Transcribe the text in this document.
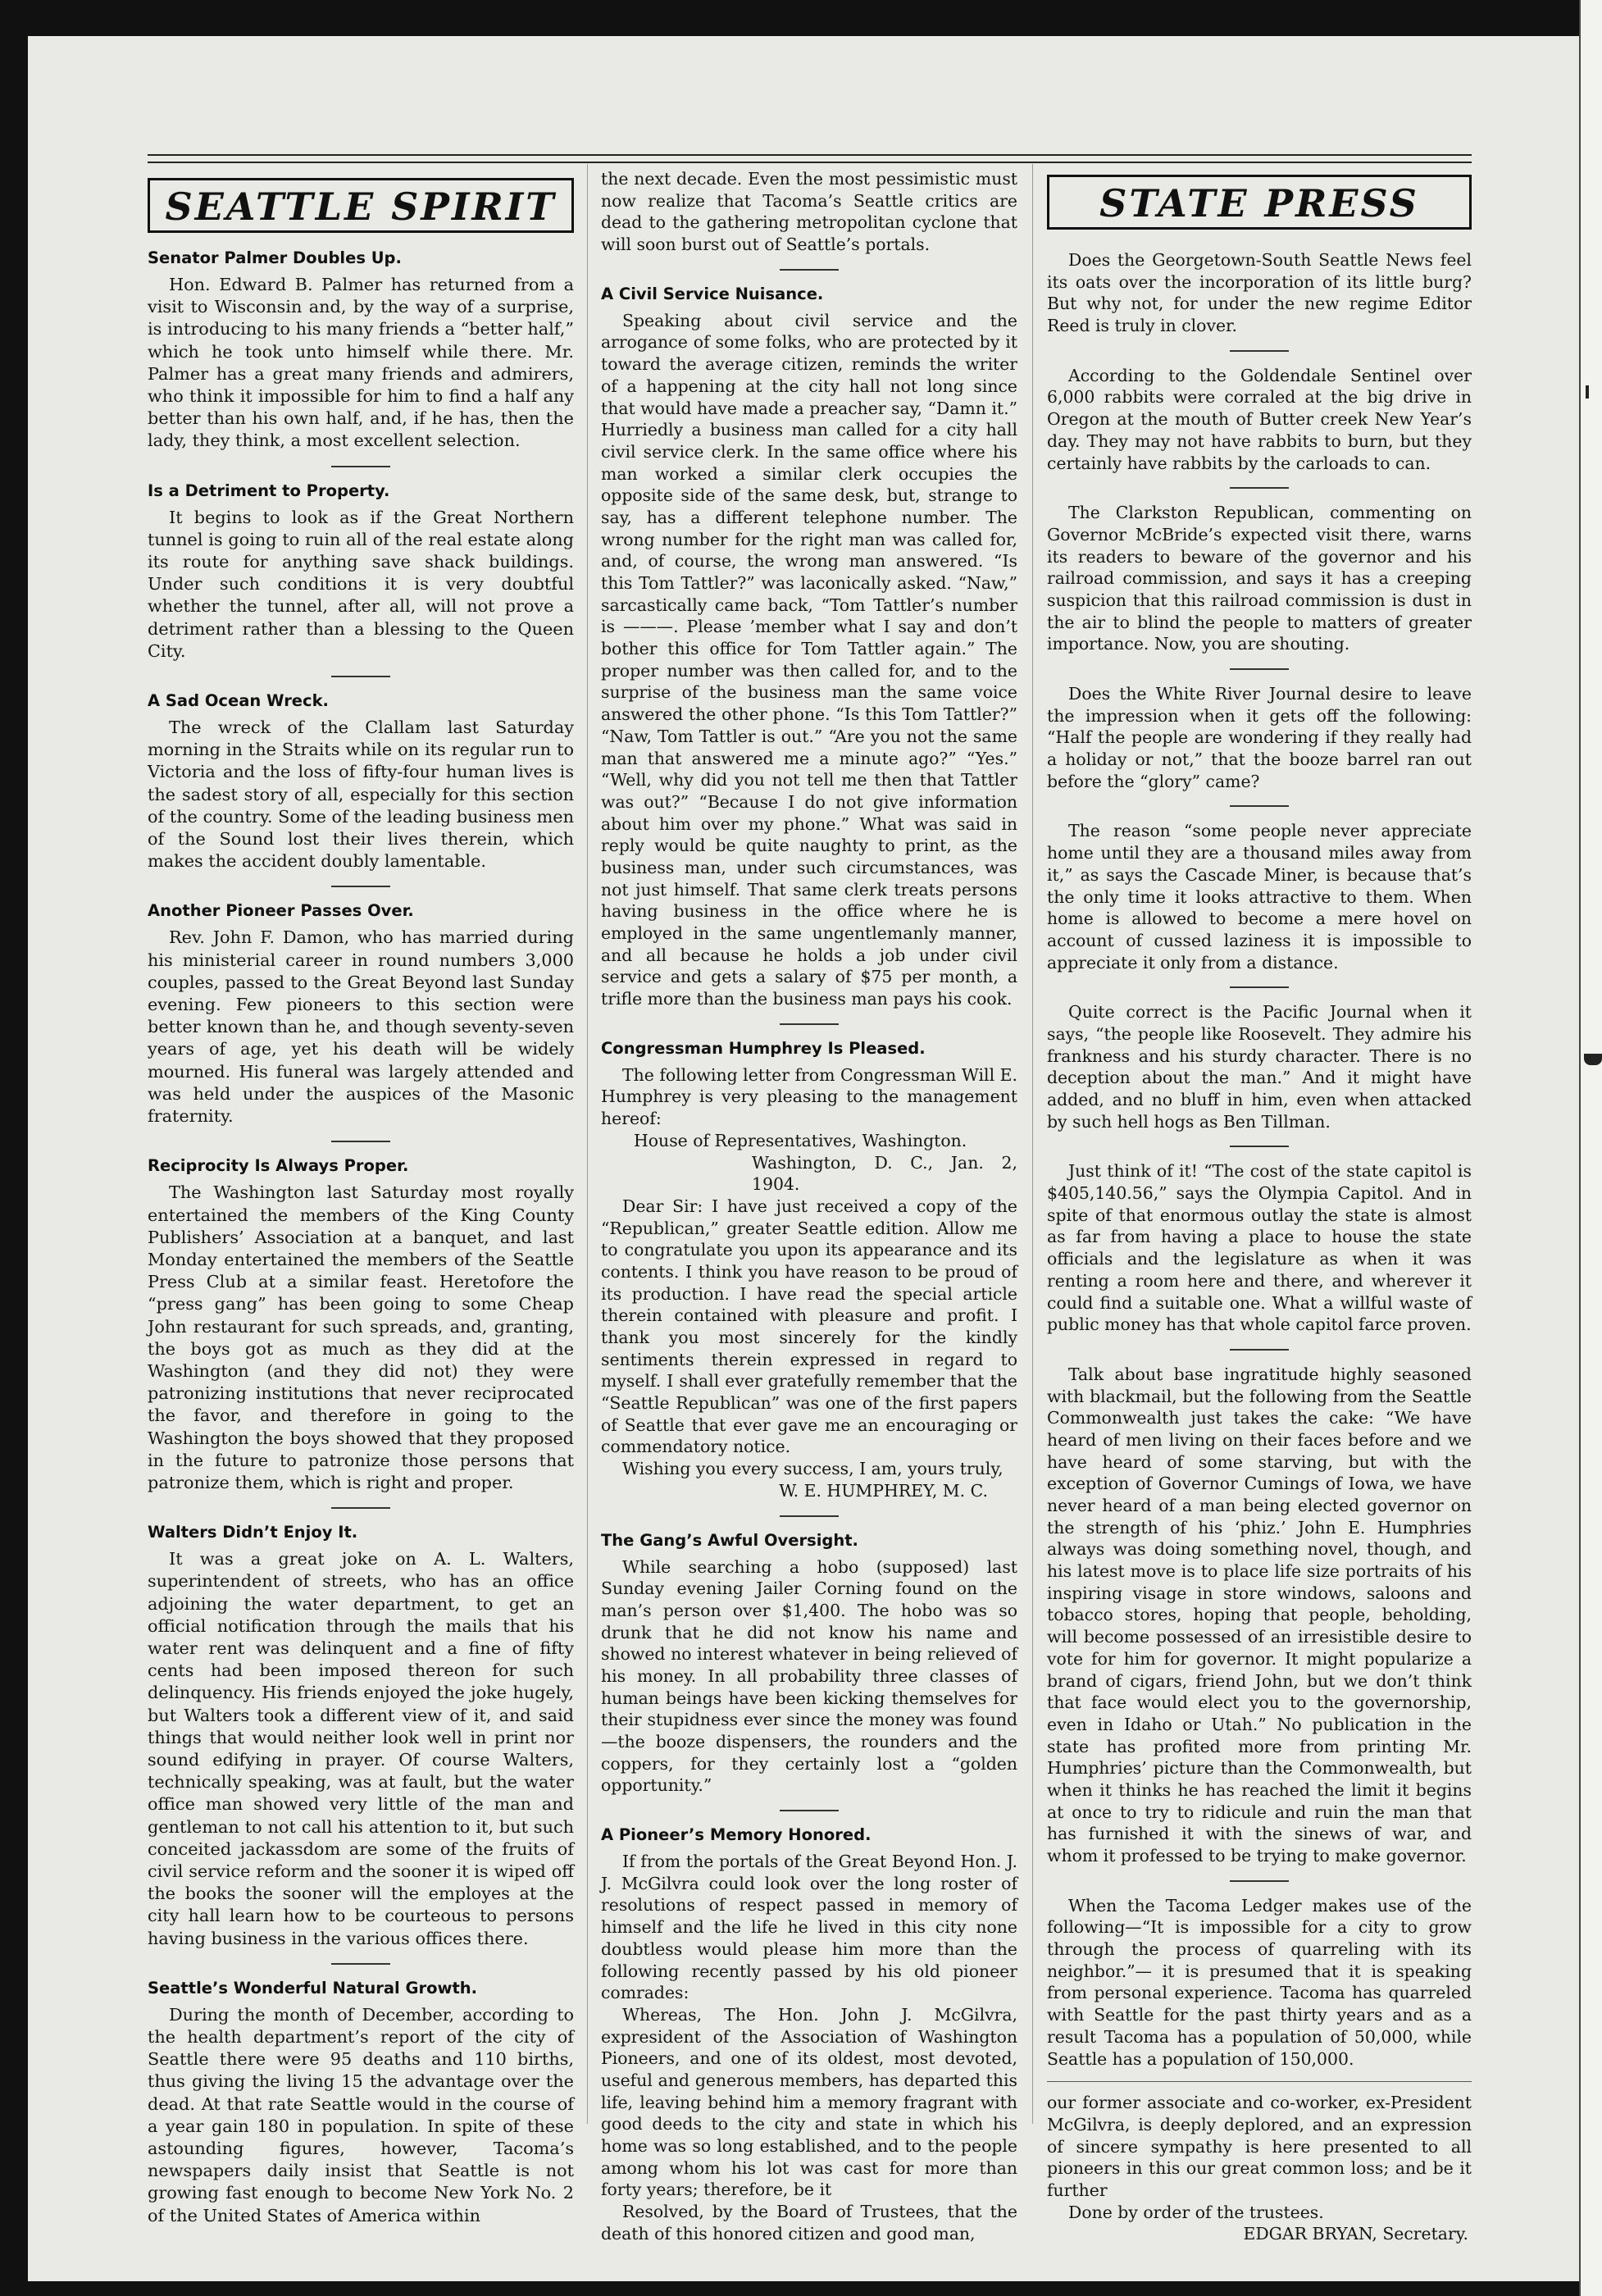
SEATTLE SPIRIT
Senator Palmer Doubles Up.

Hon. Edward B. Palmer has returned from a visit to Wisconsin and, by the way of a surprise, is introducing to his many friends a “better half,” which he took unto himself while there. Mr. Palmer has a great many friends and admirers, who think it impossible for him to find a half any better than his own half, and, if he has, then the lady, they think, a most excellent selection.

Is a Detriment to Property.

It begins to look as if the Great Northern tunnel is going to ruin all of the real estate along its route for anything save shack buildings. Under such conditions it is very doubtful whether the tunnel, after all, will not prove a detriment rather than a blessing to the Queen City.

A Sad Ocean Wreck.

The wreck of the Clallam last Saturday morning in the Straits while on its regular run to Victoria and the loss of fifty-four human lives is the sadest story of all, especially for this section of the country. Some of the leading business men of the Sound lost their lives therein, which makes the accident doubly lamentable.

Another Pioneer Passes Over.

Rev. John F. Damon, who has married during his ministerial career in round numbers 3,000 couples, passed to the Great Beyond last Sunday evening. Few pioneers to this section were better known than he, and though seventy-seven years of age, yet his death will be widely mourned. His funeral was largely attended and was held under the auspices of the Masonic fraternity.

Reciprocity Is Always Proper.

The Washington last Saturday most royally entertained the members of the King County Publishers’ Association at a banquet, and last Monday entertained the members of the Seattle Press Club at a similar feast. Heretofore the “press gang” has been going to some Cheap John restaurant for such spreads, and, granting, the boys got as much as they did at the Washington (and they did not) they were patronizing institutions that never reciprocated the favor, and therefore in going to the Washington the boys showed that they proposed in the future to patronize those persons that patronize them, which is right and proper.

Walters Didn’t Enjoy It.

It was a great joke on A. L. Walters, superintendent of streets, who has an office adjoining the water department, to get an official notification through the mails that his water rent was delinquent and a fine of fifty cents had been imposed thereon for such delinquency. His friends enjoyed the joke hugely, but Walters took a different view of it, and said things that would neither look well in print nor sound edifying in prayer. Of course Walters, technically speaking, was at fault, but the water office man showed very little of the man and gentleman to not call his attention to it, but such conceited jackassdom are some of the fruits of civil service reform and the sooner it is wiped off the books the sooner will the employes at the city hall learn how to be courteous to persons having business in the various offices there.

Seattle’s Wonderful Natural Growth.

During the month of December, according to the health department’s report of the city of Seattle there were 95 deaths and 110 births, thus giving the living 15 the advantage over the dead. At that rate Seattle would in the course of a year gain 180 in population. In spite of these astounding figures, however, Tacoma’s newspapers daily insist that Seattle is not growing fast enough to become New York No. 2 of the United States of America within

the next decade. Even the most pessimistic must now realize that Tacoma’s Seattle critics are dead to the gathering metropolitan cyclone that will soon burst out of Seattle’s portals.

A Civil Service Nuisance.

Speaking about civil service and the arrogance of some folks, who are protected by it toward the average citizen, reminds the writer of a happening at the city hall not long since that would have made a preacher say, “Damn it.” Hurriedly a business man called for a city hall civil service clerk. In the same office where his man worked a similar clerk occupies the opposite side of the same desk, but, strange to say, has a different telephone number. The wrong number for the right man was called for, and, of course, the wrong man answered. “Is this Tom Tattler?” was laconically asked. “Naw,” sarcastically came back, “Tom Tattler’s number is ———. Please ’member what I say and don’t bother this office for Tom Tattler again.” The proper number was then called for, and to the surprise of the business man the same voice answered the other phone. “Is this Tom Tattler?” “Naw, Tom Tattler is out.” “Are you not the same man that answered me a minute ago?” “Yes.” “Well, why did you not tell me then that Tattler was out?” “Because I do not give information about him over my phone.” What was said in reply would be quite naughty to print, as the business man, under such circumstances, was not just himself. That same clerk treats persons having business in the office where he is employed in the same ungentlemanly manner, and all because he holds a job under civil service and gets a salary of $75 per month, a trifle more than the business man pays his cook.

Congressman Humphrey Is Pleased.

The following letter from Congressman Will E. Humphrey is very pleasing to the management hereof:

House of Representatives, Washington.

Washington, D. C., Jan. 2, 1904.

Dear Sir: I have just received a copy of the “Republican,” greater Seattle edition. Allow me to congratulate you upon its appearance and its contents. I think you have reason to be proud of its production. I have read the special article therein contained with pleasure and profit. I thank you most sincerely for the kindly sentiments therein expressed in regard to myself. I shall ever gratefully remember that the “Seattle Republican” was one of the first papers of Seattle that ever gave me an encouraging or commendatory notice.

Wishing you every success, I am, yours truly,

W. E. HUMPHREY, M. C.

The Gang’s Awful Oversight.

While searching a hobo (supposed) last Sunday evening Jailer Corning found on the man’s person over $1,400. The hobo was so drunk that he did not know his name and showed no interest whatever in being relieved of his money. In all probability three classes of human beings have been kicking themselves for their stupidness ever since the money was found—the booze dispensers, the rounders and the coppers, for they certainly lost a “golden opportunity.”

A Pioneer’s Memory Honored.

If from the portals of the Great Beyond Hon. J. J. McGilvra could look over the long roster of resolutions of respect passed in memory of himself and the life he lived in this city none doubtless would please him more than the following recently passed by his old pioneer comrades:

Whereas, The Hon. John J. McGilvra, expresident of the Association of Washington Pioneers, and one of its oldest, most devoted, useful and generous members, has departed this life, leaving behind him a memory fragrant with good deeds to the city and state in which his home was so long established, and to the people among whom his lot was cast for more than forty years; therefore, be it

Resolved, by the Board of Trustees, that the death of this honored citizen and good man,

STATE PRESS

Does the Georgetown-South Seattle News feel its oats over the incorporation of its little burg? But why not, for under the new regime Editor Reed is truly in clover.

According to the Goldendale Sentinel over 6,000 rabbits were corraled at the big drive in Oregon at the mouth of Butter creek New Year’s day. They may not have rabbits to burn, but they certainly have rabbits by the carloads to can.

The Clarkston Republican, commenting on Governor McBride’s expected visit there, warns its readers to beware of the governor and his railroad commission, and says it has a creeping suspicion that this railroad commission is dust in the air to blind the people to matters of greater importance. Now, you are shouting.

Does the White River Journal desire to leave the impression when it gets off the following: “Half the people are wondering if they really had a holiday or not,” that the booze barrel ran out before the “glory” came?

The reason “some people never appreciate home until they are a thousand miles away from it,” as says the Cascade Miner, is because that’s the only time it looks attractive to them. When home is allowed to become a mere hovel on account of cussed laziness it is impossible to appreciate it only from a distance.

Quite correct is the Pacific Journal when it says, “the people like Roosevelt. They admire his frankness and his sturdy character. There is no deception about the man.” And it might have added, and no bluff in him, even when attacked by such hell hogs as Ben Tillman.

Just think of it! “The cost of the state capitol is $405,140.56,” says the Olympia Capitol. And in spite of that enormous outlay the state is almost as far from having a place to house the state officials and the legislature as when it was renting a room here and there, and wherever it could find a suitable one. What a willful waste of public money has that whole capitol farce proven.

Talk about base ingratitude highly seasoned with blackmail, but the following from the Seattle Commonwealth just takes the cake: “We have heard of men living on their faces before and we have heard of some starving, but with the exception of Governor Cumings of Iowa, we have never heard of a man being elected governor on the strength of his ‘phiz.’ John E. Humphries always was doing something novel, though, and his latest move is to place life size portraits of his inspiring visage in store windows, saloons and tobacco stores, hoping that people, beholding, will become possessed of an irresistible desire to vote for him for governor. It might popularize a brand of cigars, friend John, but we don’t think that face would elect you to the governorship, even in Idaho or Utah.” No publication in the state has profited more from printing Mr. Humphries’ picture than the Commonwealth, but when it thinks he has reached the limit it begins at once to try to ridicule and ruin the man that has furnished it with the sinews of war, and whom it professed to be trying to make governor.

When the Tacoma Ledger makes use of the following—“It is impossible for a city to grow through the process of quarreling with its neighbor.”— it is presumed that it is speaking from personal experience. Tacoma has quarreled with Seattle for the past thirty years and as a result Tacoma has a population of 50,000, while Seattle has a population of 150,000.

our former associate and co-worker, ex-President McGilvra, is deeply deplored, and an expression of sincere sympathy is here presented to all pioneers in this our great common loss; and be it further

Done by order of the trustees.

EDGAR BRYAN, Secretary.
